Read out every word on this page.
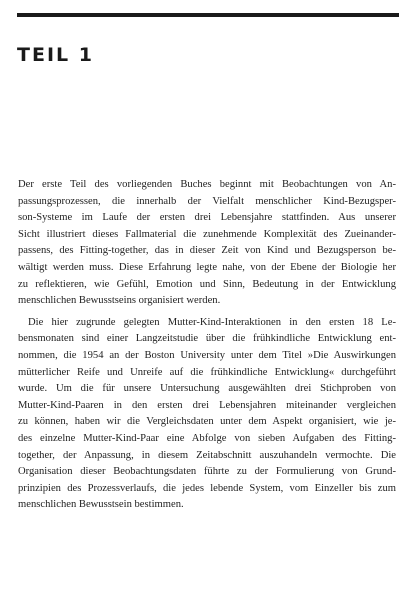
TEIL 1
Der erste Teil des vorliegenden Buches beginnt mit Beobachtungen von An-
passungsprozessen, die innerhalb der Vielfalt menschlicher Kind-Bezugsper-
son-Systeme im Laufe der ersten drei Lebensjahre stattfinden. Aus unserer
Sicht illustriert dieses Fallmaterial die zunehmende Komplexität des Zueinander-
passens, des Fitting-together, das in dieser Zeit von Kind und Bezugsperson be-
wältigt werden muss. Diese Erfahrung legte nahe, von der Ebene der Biologie her
zu reflektieren, wie Gefühl, Emotion und Sinn, Bedeutung in der Entwicklung
menschlichen Bewusstseins organisiert werden.
Die hier zugrunde gelegten Mutter-Kind-Interaktionen in den ersten 18 Le-
bensmonaten sind einer Langzeitstudie über die frühkindliche Entwicklung ent-
nommen, die 1954 an der Boston University unter dem Titel »Die Auswirkungen
mütterlicher Reife und Unreife auf die frühkindliche Entwicklung« durchgeführt
wurde. Um die für unsere Untersuchung ausgewählten drei Stichproben von
Mutter-Kind-Paaren in den ersten drei Lebensjahren miteinander vergleichen
zu können, haben wir die Vergleichsdaten unter dem Aspekt organisiert, wie je-
des einzelne Mutter-Kind-Paar eine Abfolge von sieben Aufgaben des Fitting-
together, der Anpassung, in diesem Zeitabschnitt auszuhandeln vermochte. Die
Organisation dieser Beobachtungsdaten führte zu der Formulierung von Grund-
prinzipien des Prozessverlaufs, die jedes lebende System, vom Einzeller bis zum
menschlichen Bewusstsein bestimmen.
